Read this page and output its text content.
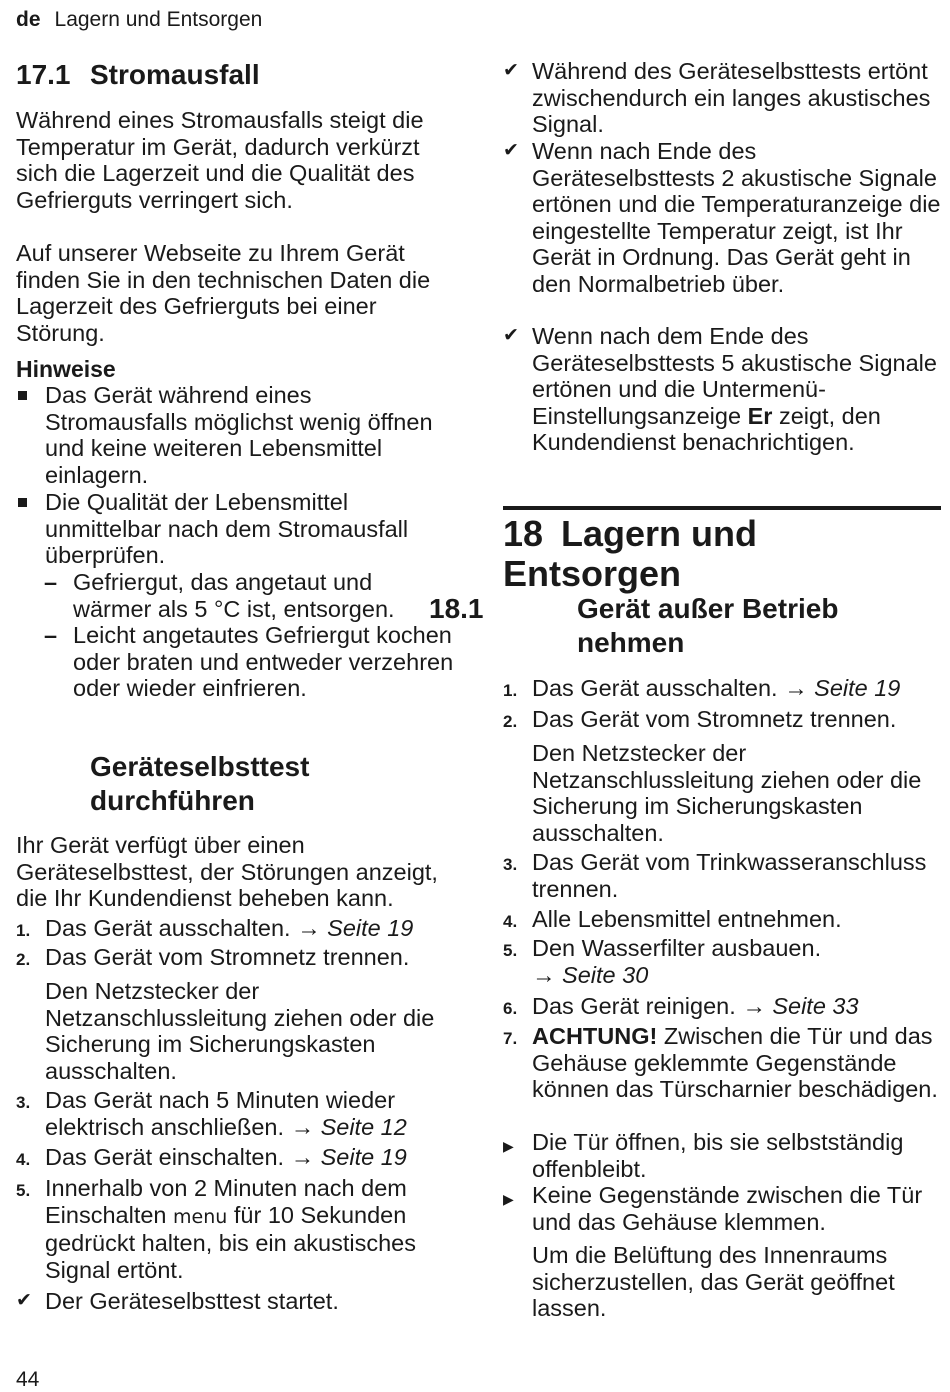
de Lagern und Entsorgen
17.1 Stromausfall
Während eines Stromausfalls steigt die Temperatur im Gerät, dadurch verkürzt sich die Lagerzeit und die Qualität des Gefrierguts verringert sich.
Auf unserer Webseite zu Ihrem Gerät finden Sie in den technischen Daten die Lagerzeit des Gefrierguts bei einer Störung.
Hinweise
Das Gerät während eines Stromausfalls möglichst wenig öffnen und keine weiteren Lebensmittel einlagern.
Die Qualität der Lebensmittel unmittelbar nach dem Stromausfall überprüfen.
– Gefriergut, das angetaut und wärmer als 5 °C ist, entsorgen.
– Leicht angetautes Gefriergut kochen oder braten und entweder verzehren oder wieder einfrieren.
Geräteselbsttest durchführen
Ihr Gerät verfügt über einen Geräteselbsttest, der Störungen anzeigt, die Ihr Kundendienst beheben kann.
1. Das Gerät ausschalten. → Seite 19
2. Das Gerät vom Stromnetz trennen.
Den Netzstecker der Netzanschlussleitung ziehen oder die Sicherung im Sicherungskasten ausschalten.
3. Das Gerät nach 5 Minuten wieder elektrisch anschließen. → Seite 12
4. Das Gerät einschalten. → Seite 19
5. Innerhalb von 2 Minuten nach dem Einschalten menu für 10 Sekunden gedrückt halten, bis ein akustisches Signal ertönt.
✔ Der Geräteselbsttest startet.
✔ Während des Geräteselbsttests ertönt zwischendurch ein langes akustisches Signal.
✔ Wenn nach Ende des Geräteselbsttests 2 akustische Signale ertönen und die Temperaturanzeige die eingestellte Temperatur zeigt, ist Ihr Gerät in Ordnung. Das Gerät geht in den Normalbetrieb über.
✔ Wenn nach dem Ende des Geräteselbsttests 5 akustische Signale ertönen und die Untermenü-Einstellungsanzeige Er zeigt, den Kundendienst benachrichtigen.
18 Lagern und Entsorgen
18.1	Gerät außer Betrieb nehmen
1. Das Gerät ausschalten. → Seite 19
2. Das Gerät vom Stromnetz trennen.
Den Netzstecker der Netzanschlussleitung ziehen oder die Sicherung im Sicherungskasten ausschalten.
3. Das Gerät vom Trinkwasseranschluss trennen.
4. Alle Lebensmittel entnehmen.
5. Den Wasserfilter ausbauen.
→ Seite 30
6. Das Gerät reinigen. → Seite 33
7. ACHTUNG! Zwischen die Tür und das Gehäuse geklemmte Gegenstände können das Türscharnier beschädigen.
▶ Die Tür öffnen, bis sie selbstständig offenbleibt.
▶ Keine Gegenstände zwischen die Tür und das Gehäuse klemmen.
Um die Belüftung des Innenraums sicherzustellen, das Gerät geöffnet lassen.
44
